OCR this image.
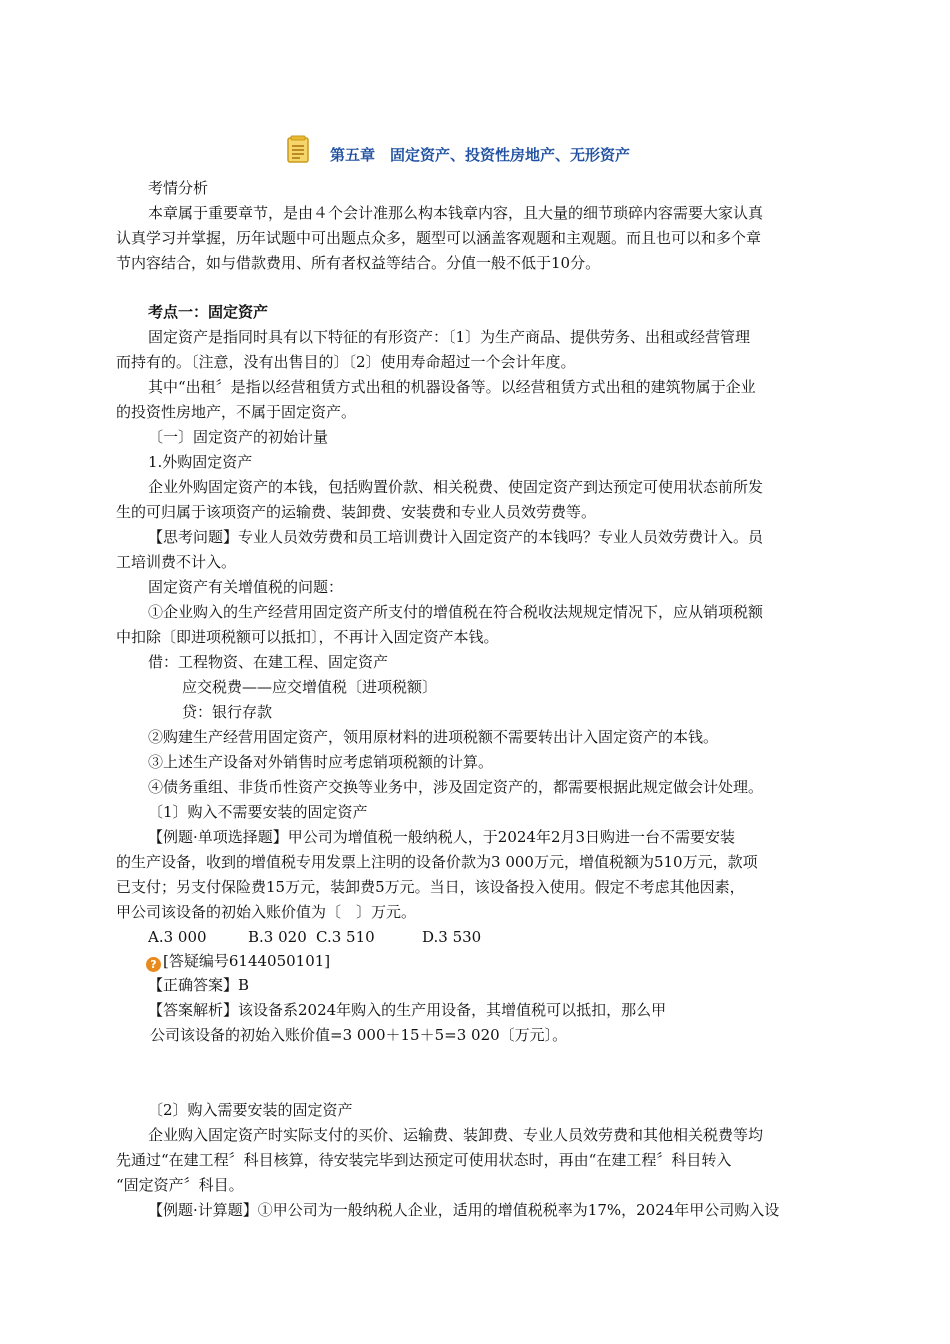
第五章　固定资产、投资性房地产、无形资产
考情分析
本章属于重要章节，是由４个会计准那么构本钱章内容，且大量的细节琐碎内容需要大家认真
认真学习并掌握，历年试题中可出题点众多，题型可以涵盖客观题和主观题。而且也可以和多个章
节内容结合，如与借款费用、所有者权益等结合。分值一般不低于10分。
考点一：固定资产
固定资产是指同时具有以下特征的有形资产：〔1〕为生产商品、提供劳务、出租或经营管理
而持有的。〔注意，没有出售目的〕〔2〕使用寿命超过一个会计年度。
其中“出租〞是指以经营租赁方式出租的机器设备等。以经营租赁方式出租的建筑物属于企业
的投资性房地产，不属于固定资产。
〔一〕固定资产的初始计量
1.外购固定资产
企业外购固定资产的本钱，包括购置价款、相关税费、使固定资产到达预定可使用状态前所发
生的可归属于该项资产的运输费、装卸费、安装费和专业人员效劳费等。
【思考问题】专业人员效劳费和员工培训费计入固定资产的本钱吗？专业人员效劳费计入。员
工培训费不计入。
固定资产有关增值税的问题：
①企业购入的生产经营用固定资产所支付的增值税在符合税收法规规定情况下，应从销项税额
中扣除〔即进项税额可以抵扣〕，不再计入固定资产本钱。
借：工程物资、在建工程、固定资产
应交税费——应交增值税〔进项税额〕
贷：银行存款
②购建生产经营用固定资产，领用原材料的进项税额不需要转出计入固定资产的本钱。
③上述生产设备对外销售时应考虑销项税额的计算。
④债务重组、非货币性资产交换等业务中，涉及固定资产的，都需要根据此规定做会计处理。
〔1〕购入不需要安装的固定资产
【例题·单项选择题】甲公司为增值税一般纳税人，于2024年2月3日购进一台不需要安装
的生产设备，收到的增值税专用发票上注明的设备价款为3 000万元，增值税额为510万元，款项
已支付；另支付保险费15万元，装卸费5万元。当日，该设备投入使用。假定不考虑其他因素，
甲公司该设备的初始入账价值为〔　〕万元。
A.3 000	B.3 020 C.3 510	D.3 530
? [答疑编号6144050101]
【正确答案】B
【答案解析】该设备系2024年购入的生产用设备，其增值税可以抵扣，那么甲
公司该设备的初始入账价值=3 000＋15＋5=3 020〔万元〕。
〔2〕购入需要安装的固定资产
企业购入固定资产时实际支付的买价、运输费、装卸费、专业人员效劳费和其他相关税费等均
先通过“在建工程〞科目核算，待安装完毕到达预定可使用状态时，再由“在建工程〞科目转入
“固定资产〞科目。
【例题·计算题】①甲公司为一般纳税人企业，适用的增值税税率为17%，2024年甲公司购入设
